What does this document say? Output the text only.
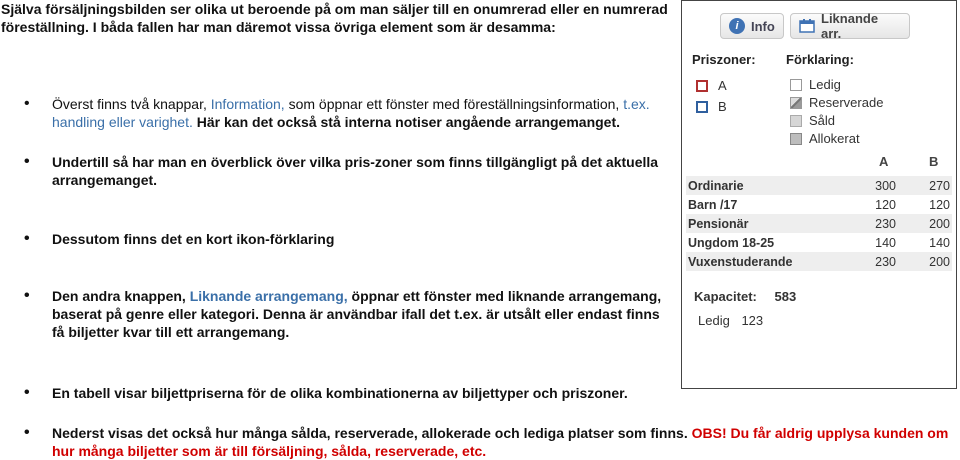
Själva försäljningsbilden ser olika ut beroende på om man säljer till en onumrerad eller en numrerad föreställning. I båda fallen har man däremot vissa övriga element som är desamma:

• Överst finns två knappar, Information, som öppnar ett fönster med föreställningsinformation, t.ex. handling eller varighet. Här kan det också stå interna notiser angående arrangemanget.
• Undertill så har man en överblick över vilka pris-zoner som finns tillgängligt på det aktuella arrangemanget.
• Dessutom finns det en kort ikon-förklaring
• Den andra knappen, Liknande arrangemang, öppnar ett fönster med liknande arrangemang, baserat på genre eller kategori. Denna är användbar ifall det t.ex. är utsålt eller endast finns få biljetter kvar till ett arrangemang.
• En tabell visar biljettpriserna för de olika kombinationerna av biljettyper och priszoner.
• Nederst visas det också hur många sålda, reserverade, allokerade och lediga platser som finns. OBS! Du får aldrig upplysa kunden om hur många biljetter som är till försäljning, sålda, reserverade, etc.
i Info	Liknande arr.
Priszoner: Förklaring:
A
B
Ledig
Reserverade
Såld
Allokerat
A	B
Ordinarie	300	270
Barn /17	120	120
Pensionär	230	200
Ungdom 18-25	140	140
Vuxenstuderande	230	200
Kapacitet: 583
Ledig 123
